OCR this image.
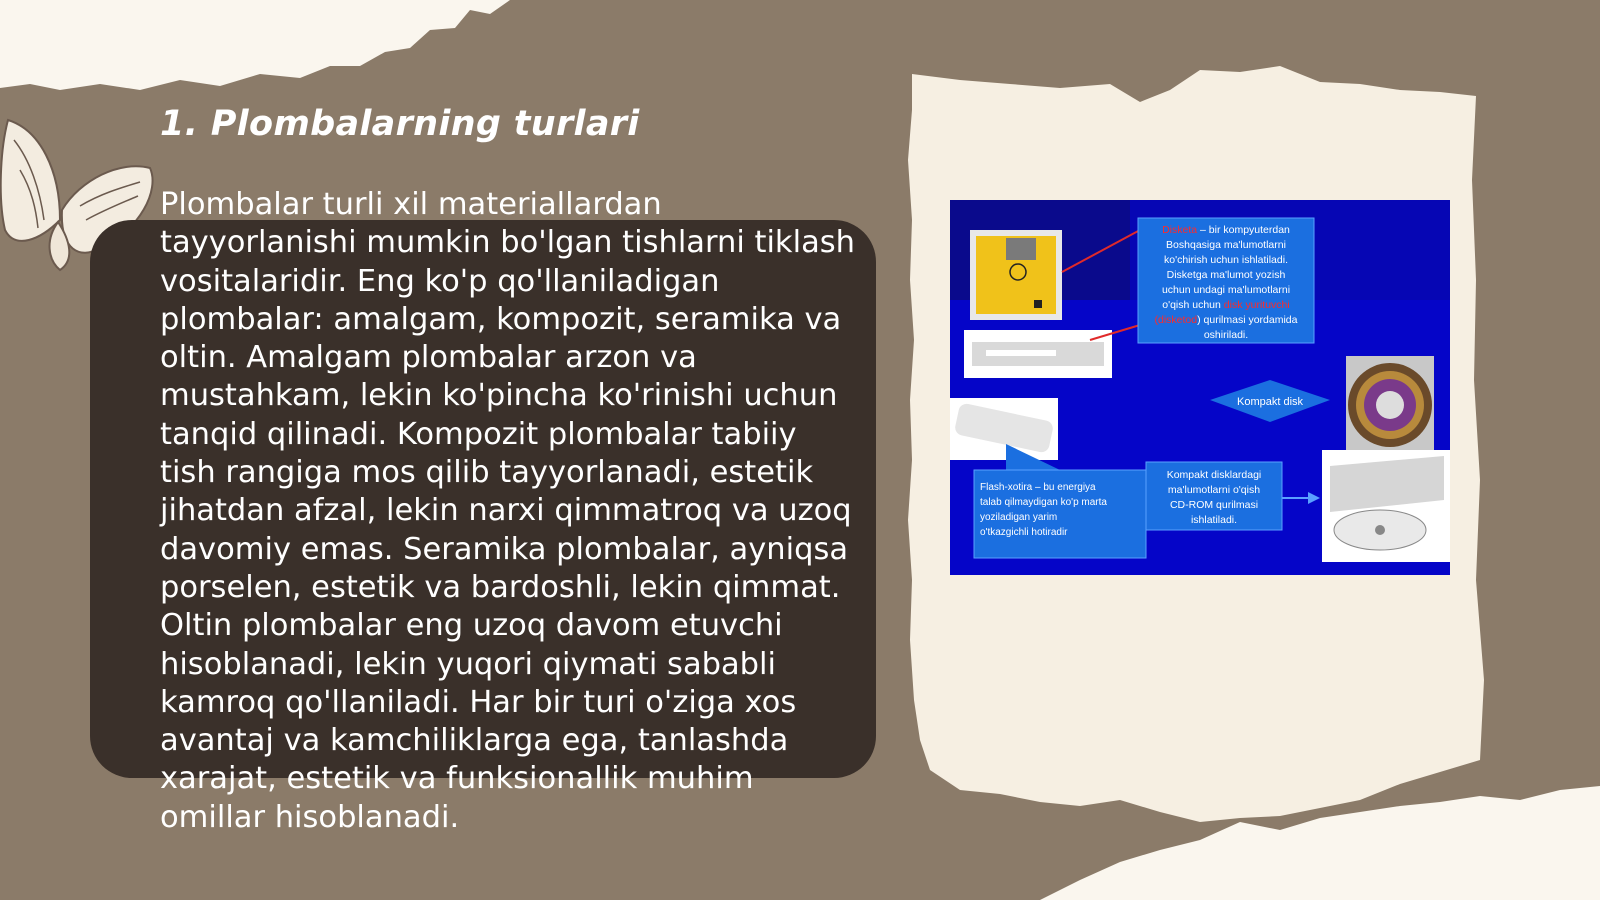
1. Plombalarning turlari
Plombalar turli xil materiallardan tayyorlanishi mumkin bo'lgan tishlarni tiklash vositalaridir. Eng ko'p qo'llaniladigan plombalar: amalgam, kompozit, seramika va oltin. Amalgam plombalar arzon va mustahkam, lekin ko'pincha ko'rinishi uchun tanqid qilinadi. Kompozit plombalar tabiiy tish rangiga mos qilib tayyorlanadi, estetik jihatdan afzal, lekin narxi qimmatroq va uzoq davomiy emas. Seramika plombalar, ayniqsa porselen, estetik va bardoshli, lekin qimmat. Oltin plombalar eng uzoq davom etuvchi hisoblanadi, lekin yuqori qiymati sababli kamroq qo'llaniladi. Har bir turi o'ziga xos avantaj va kamchiliklarga ega, tanlashda xarajat, estetik va funksionallik muhim omillar hisoblanadi.
Disketa – bir kompyuterdan
Boshqasiga ma'lumotlarni
ko'chirish uchun ishlatiladi.
Disketga ma'lumot yozish
uchun undagi ma'lumotlarni
o'qish uchun disk yurituvchi
(disketod) qurilmasi yordamida
oshiriladi.
Kompakt disk
Flash-xotira – bu energiya
talab qilmaydigan ko'p marta
yoziladigan yarim
o'tkazgichli hotiradir
Kompakt disklardagi
ma'lumotlarni o'qish
CD-ROM qurilmasi
ishlatiladi.
